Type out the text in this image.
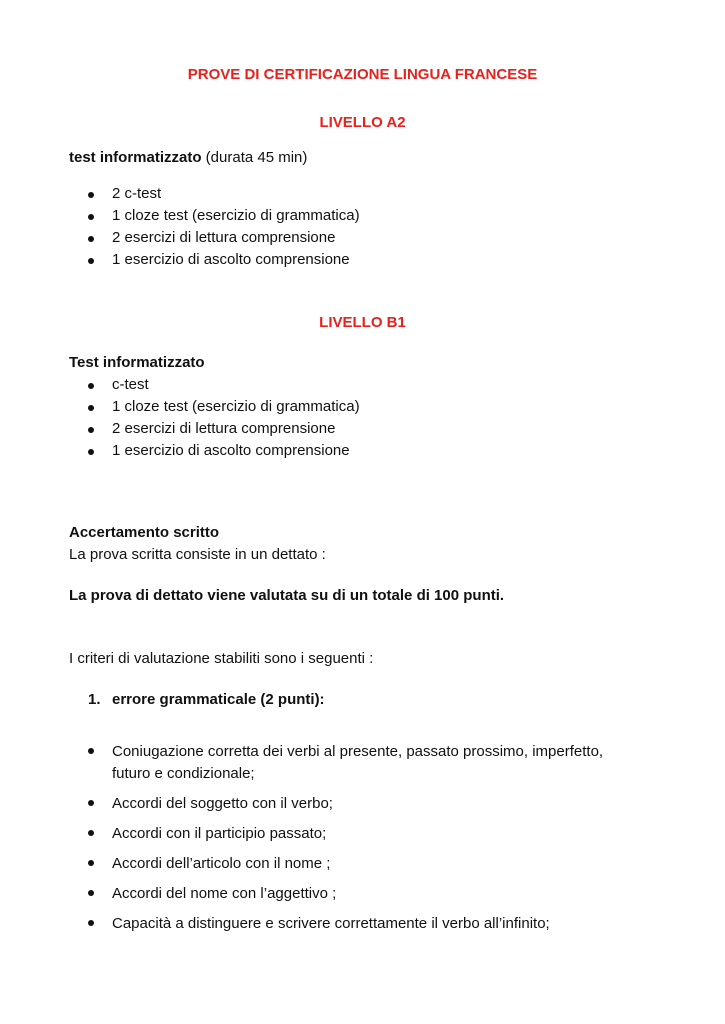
PROVE DI CERTIFICAZIONE LINGUA FRANCESE
LIVELLO A2
test informatizzato (durata 45 min)
2 c-test
1 cloze test (esercizio di grammatica)
2 esercizi di lettura comprensione
1 esercizio di ascolto comprensione
LIVELLO B1
Test informatizzato
c-test
1 cloze test (esercizio di grammatica)
2 esercizi di lettura comprensione
1 esercizio di ascolto comprensione
Accertamento scritto
La prova scritta consiste in un dettato :
La prova di dettato viene valutata su di un totale di 100 punti.
I criteri di valutazione stabiliti sono i seguenti :
1. errore grammaticale (2 punti):
Coniugazione corretta dei verbi al presente, passato prossimo, imperfetto, futuro e condizionale;
Accordi del soggetto con il verbo;
Accordi con il participio passato;
Accordi dell’articolo con il nome ;
Accordi del nome con l’aggettivo ;
Capacità a distinguere e scrivere correttamente il verbo all’infinito;
